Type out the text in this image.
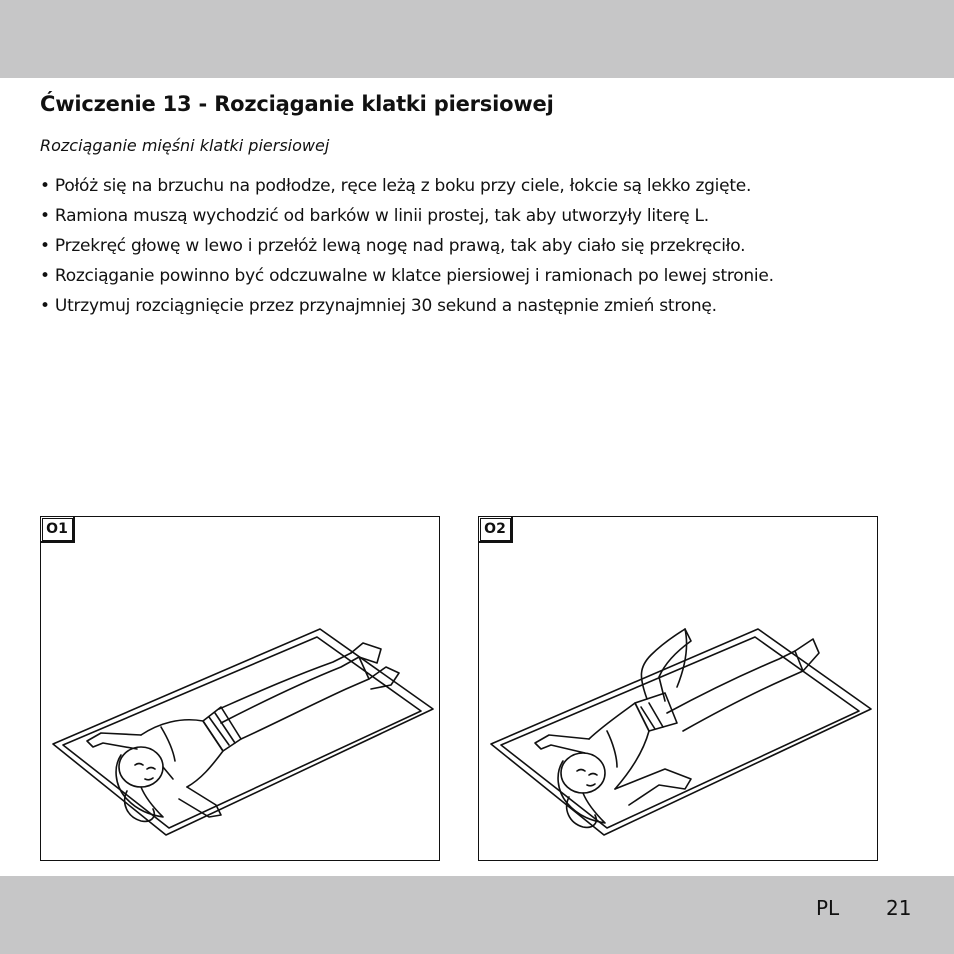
Ćwiczenie 13 - Rozciąganie klatki piersiowej

Rozciąganie mięśni klatki piersiowej

• Połóż się na brzuchu na podłodze, ręce leżą z boku przy ciele, łokcie są lekko zgięte.
• Ramiona muszą wychodzić od barków w linii prostej, tak aby utworzyły literę L.
• Przekręć głowę w lewo i przełóż lewą nogę nad prawą, tak aby ciało się przekręciło.
• Rozciąganie powinno być odczuwalne w klatce piersiowej i ramionach po lewej stronie.
• Utrzymuj rozciągnięcie przez przynajmniej 30 sekund a następnie zmień stronę.
O1	O2
PL 21
